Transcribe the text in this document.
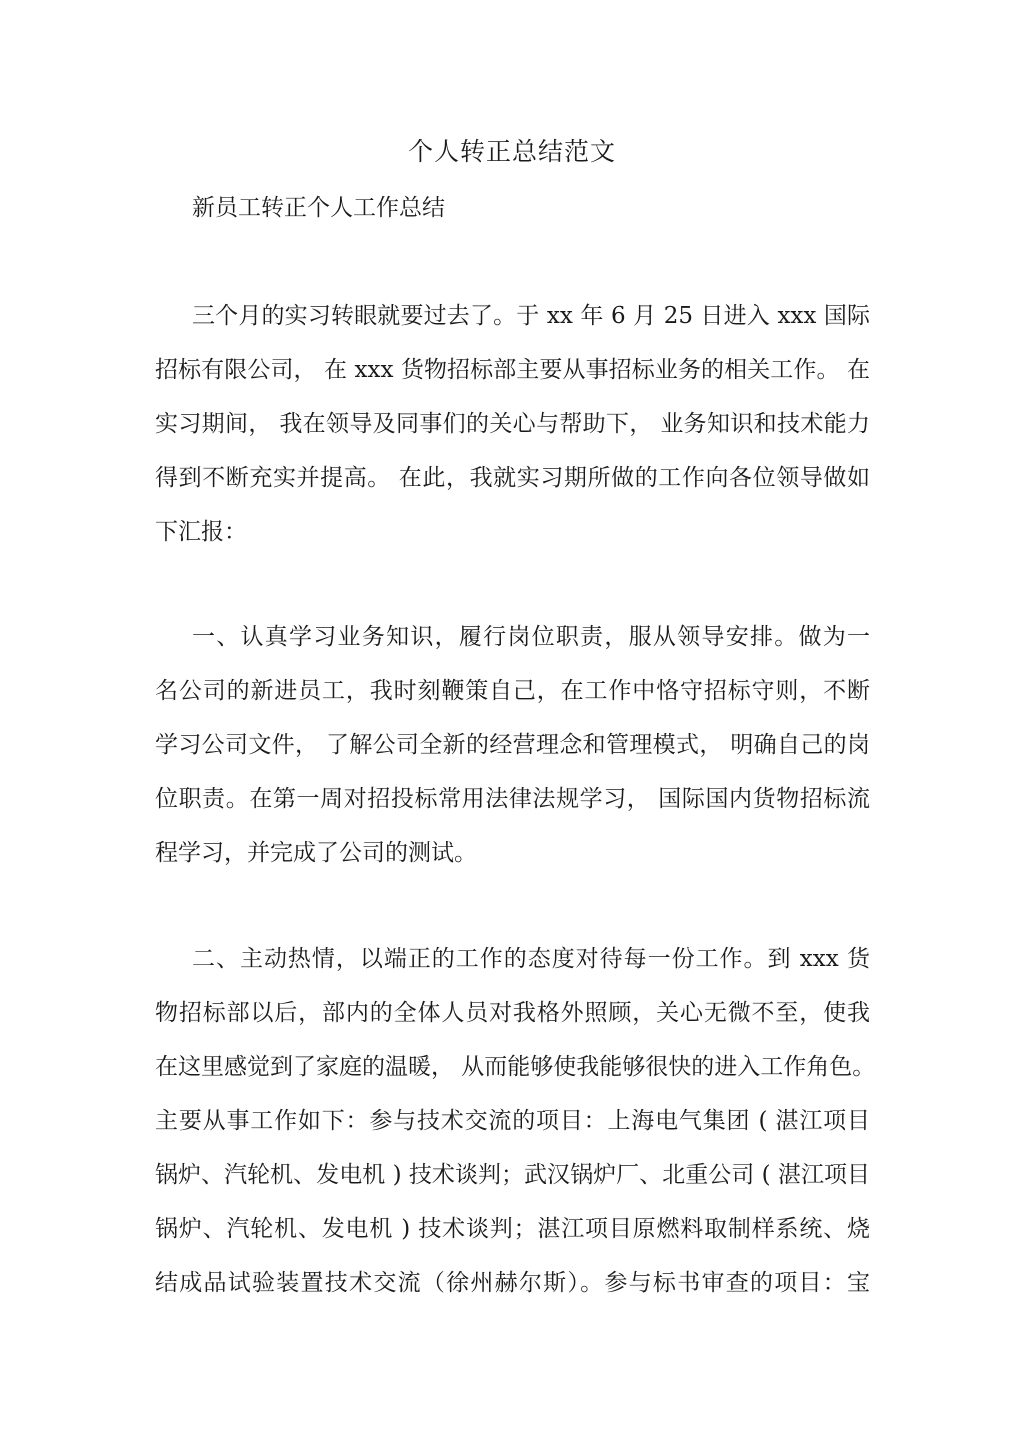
个人转正总结范文
新员工转正个人工作总结
三个月的实习转眼就要过去了。于 xx 年 6 月 25 日进入 xxx 国际
招标有限公司， 在 xxx 货物招标部主要从事招标业务的相关工作。 在
实习期间， 我在领导及同事们的关心与帮助下， 业务知识和技术能力
得到不断充实并提高。 在此，我就实习期所做的工作向各位领导做如
下汇报：
一、认真学习业务知识，履行岗位职责，服从领导安排。做为一
名公司的新进员工，我时刻鞭策自己，在工作中恪守招标守则，不断
学习公司文件， 了解公司全新的经营理念和管理模式， 明确自己的岗
位职责。在第一周对招投标常用法律法规学习， 国际国内货物招标流
程学习，并完成了公司的测试。
二、主动热情，以端正的工作的态度对待每一份工作。到 xxx 货
物招标部以后，部内的全体人员对我格外照顾，关心无微不至，使我
在这里感觉到了家庭的温暖， 从而能够使我能够很快的进入工作角色。
主要从事工作如下：参与技术交流的项目：上海电气集团 ( 湛江项目
锅炉、汽轮机、发电机 ) 技术谈判；武汉锅炉厂、北重公司 ( 湛江项目
锅炉、汽轮机、发电机 ) 技术谈判；湛江项目原燃料取制样系统、烧
结成品试验装置技术交流（徐州赫尔斯）。参与标书审查的项目：宝
